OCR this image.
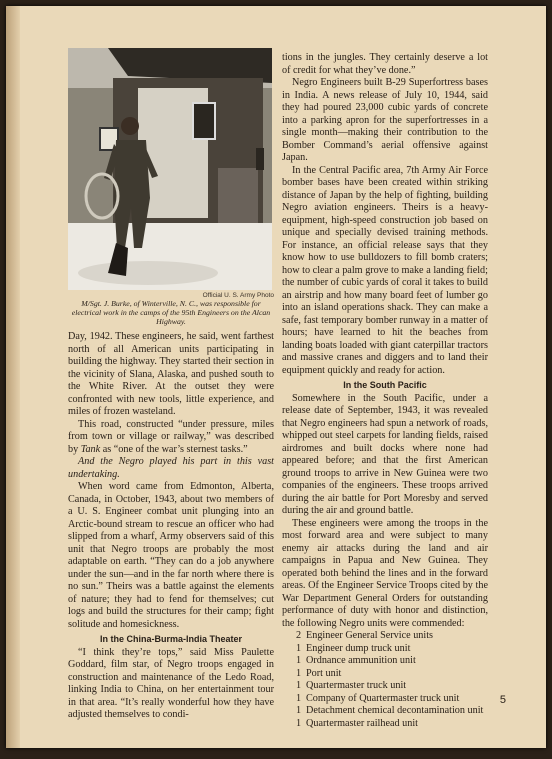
Official U. S. Army Photo
M/Sgt. J. Burke, of Winterville, N. C., was responsible for electrical work in the camps of the 95th Engineers on the Alcan Highway.

Day, 1942. These engineers, he said, went farthest north of all American units participating in building the highway. They started their section in the vicinity of Slana, Alaska, and pushed south to the White River. At the outset they were confronted with new tools, little experience, and miles of frozen wasteland.

This road, constructed “under pressure, miles from town or village or railway,” was described by Tank as “one of the war’s sternest tasks.”

And the Negro played his part in this vast undertaking.

When word came from Edmonton, Alberta, Canada, in October, 1943, about two members of a U. S. Engineer combat unit plunging into an Arctic-bound stream to rescue an officer who had slipped from a wharf, Army observers said of this unit that Negro troops are probably the most adaptable on earth. “They can do a job anywhere under the sun—and in the far north where there is no sun.” Theirs was a battle against the elements of nature; they had to fend for themselves; cut logs and build the structures for their camp; fight solitude and homesickness.

In the China-Burma-India Theater

“I think they’re tops,” said Miss Paulette Goddard, film star, of Negro troops engaged in construction and maintenance of the Ledo Road, linking India to China, on her entertainment tour in that area. “It’s really wonderful how they have adjusted themselves to condi-

tions in the jungles. They certainly deserve a lot of credit for what they’ve done.”

Negro Engineers built B-29 Superfortress bases in India. A news release of July 10, 1944, said they had poured 23,000 cubic yards of concrete into a parking apron for the superfortresses in a single month—making their contribution to the Bomber Command’s aerial offensive against Japan.

In the Central Pacific area, 7th Army Air Force bomber bases have been created within striking distance of Japan by the help of fighting, building Negro aviation engineers. Theirs is a heavy-equipment, high-speed construction job based on unique and specially devised training methods. For instance, an official release says that they know how to use bulldozers to fill bomb craters; how to clear a palm grove to make a landing field; the number of cubic yards of coral it takes to build an airstrip and how many board feet of lumber go into an island operations shack. They can make a safe, fast temporary bomber runway in a matter of hours; have learned to hit the beaches from landing boats loaded with giant caterpillar tractors and massive cranes and diggers and to land their equipment quickly and ready for action.

In the South Pacific

Somewhere in the South Pacific, under a release date of September, 1943, it was revealed that Negro engineers had spun a network of roads, whipped out steel carpets for landing fields, raised airdromes and built docks where none had appeared before; and that the first American ground troops to arrive in New Guinea were two companies of the engineers. These troops arrived during the air battle for Port Moresby and served during the air and ground battle.

These engineers were among the troops in the most forward area and were subject to many enemy air attacks during the land and air campaigns in Papua and New Guinea. They operated both behind the lines and in the forward areas. Of the Engineer Service Troops cited by the War Department General Orders for outstanding performance of duty with honor and distinction, the following Negro units were commended:

2 Engineer General Service units
1 Engineer dump truck unit
1 Ordnance ammunition unit
1 Port unit
1 Quartermaster truck unit
1 Company of Quartermaster truck unit
1 Detachment chemical decontamination unit
1 Quartermaster railhead unit
5
